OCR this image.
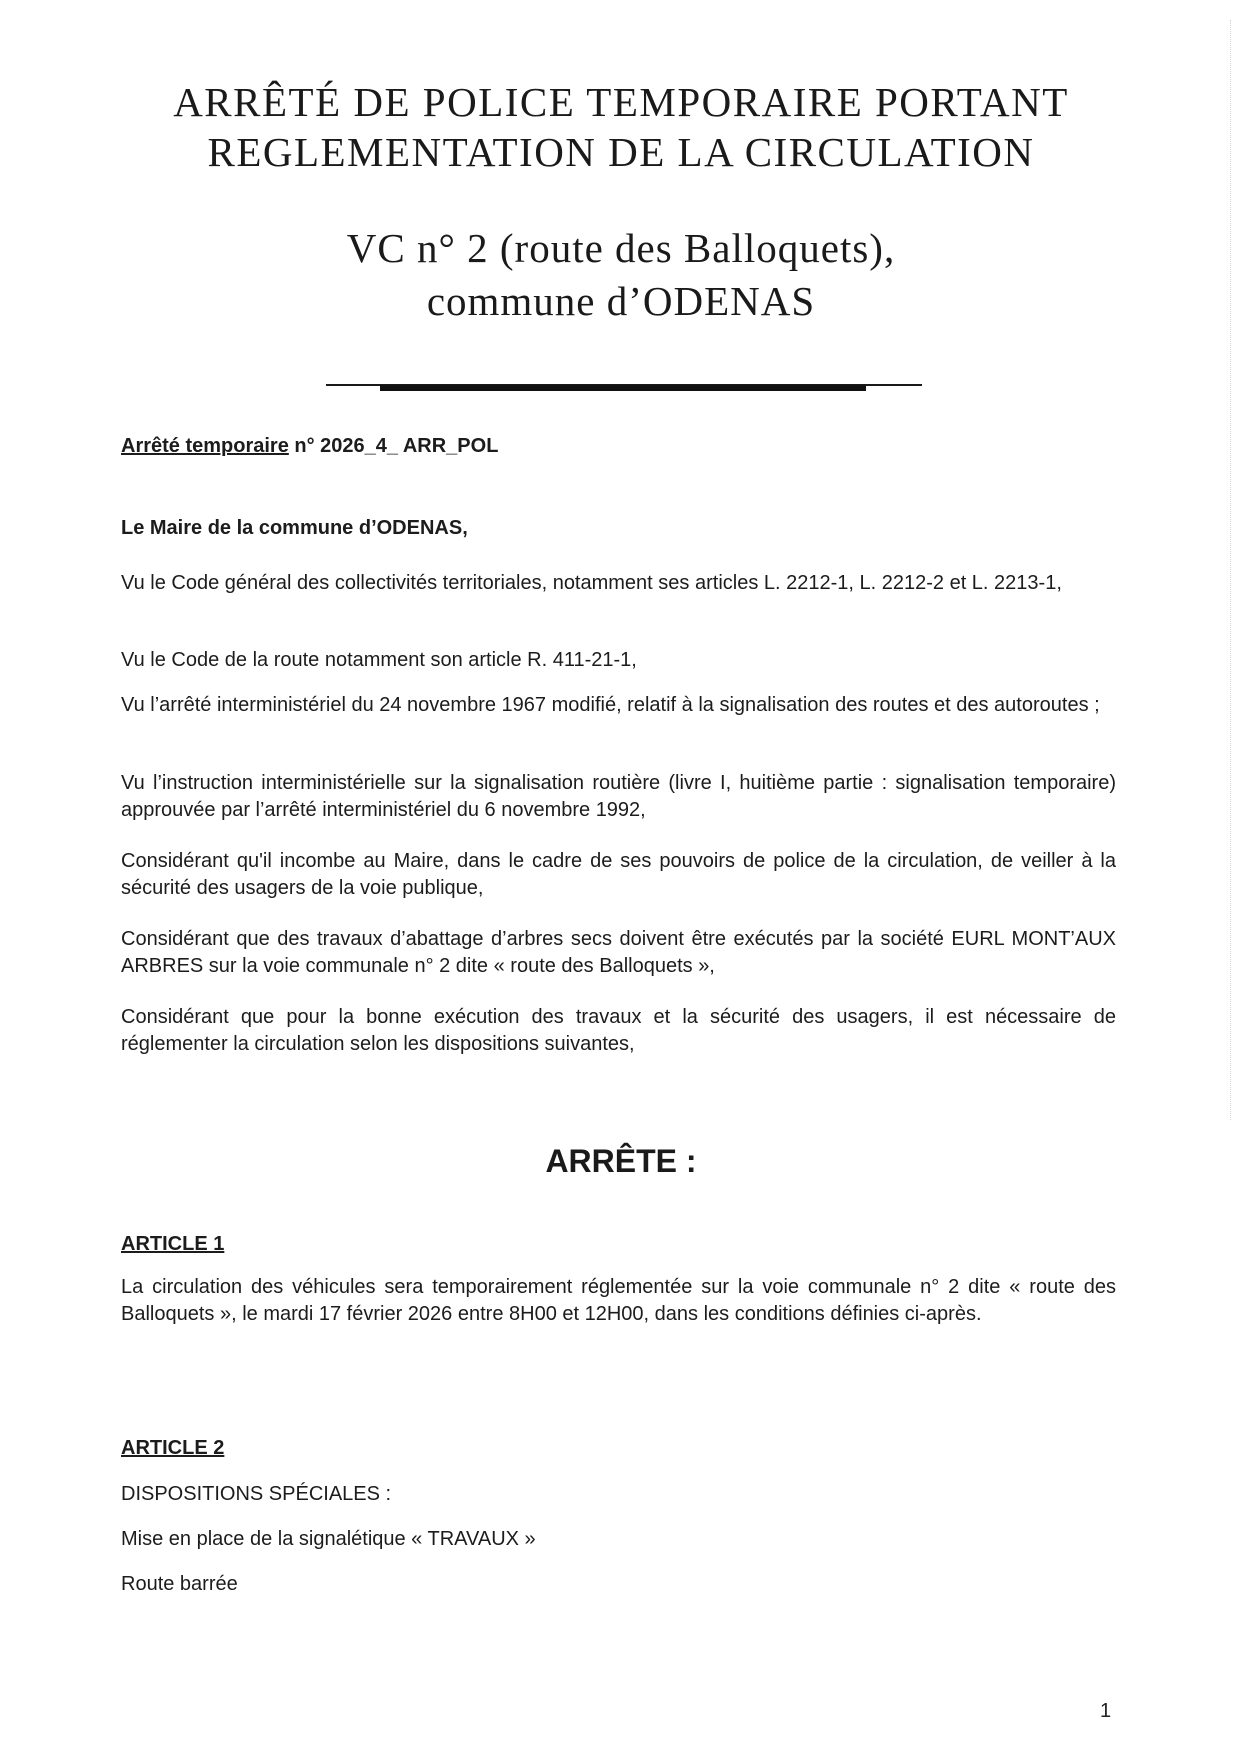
ARRÊTÉ DE POLICE TEMPORAIRE PORTANT
REGLEMENTATION DE LA CIRCULATION
VC n° 2 (route des Balloquets),
commune d’ODENAS
Arrêté temporaire n° 2026_4_ ARR_POL
Le Maire de la commune d’ODENAS,
Vu le Code général des collectivités territoriales, notamment ses articles L. 2212-1, L. 2212-2 et L. 2213-1,
Vu le Code de la route notamment son article R. 411-21-1,
Vu l’arrêté interministériel du 24 novembre 1967 modifié, relatif à la signalisation des routes et des autoroutes ;
Vu l’instruction interministérielle sur la signalisation routière (livre I, huitième partie : signalisation temporaire) approuvée par l’arrêté interministériel du 6 novembre 1992,
Considérant qu'il incombe au Maire, dans le cadre de ses pouvoirs de police de la circulation, de veiller à la sécurité des usagers de la voie publique,
Considérant que des travaux d’abattage d’arbres secs doivent être exécutés par la société EURL MONT’AUX ARBRES sur la voie communale n° 2 dite « route des Balloquets »,
Considérant que pour la bonne exécution des travaux et la sécurité des usagers, il est nécessaire de réglementer la circulation selon les dispositions suivantes,
ARRÊTE :
ARTICLE 1
La circulation des véhicules sera temporairement réglementée sur la voie communale n° 2 dite « route des Balloquets », le mardi 17 février 2026 entre 8H00 et 12H00, dans les conditions définies ci-après.
ARTICLE 2
DISPOSITIONS SPÉCIALES :
Mise en place de la signalétique « TRAVAUX »
Route barrée
1
